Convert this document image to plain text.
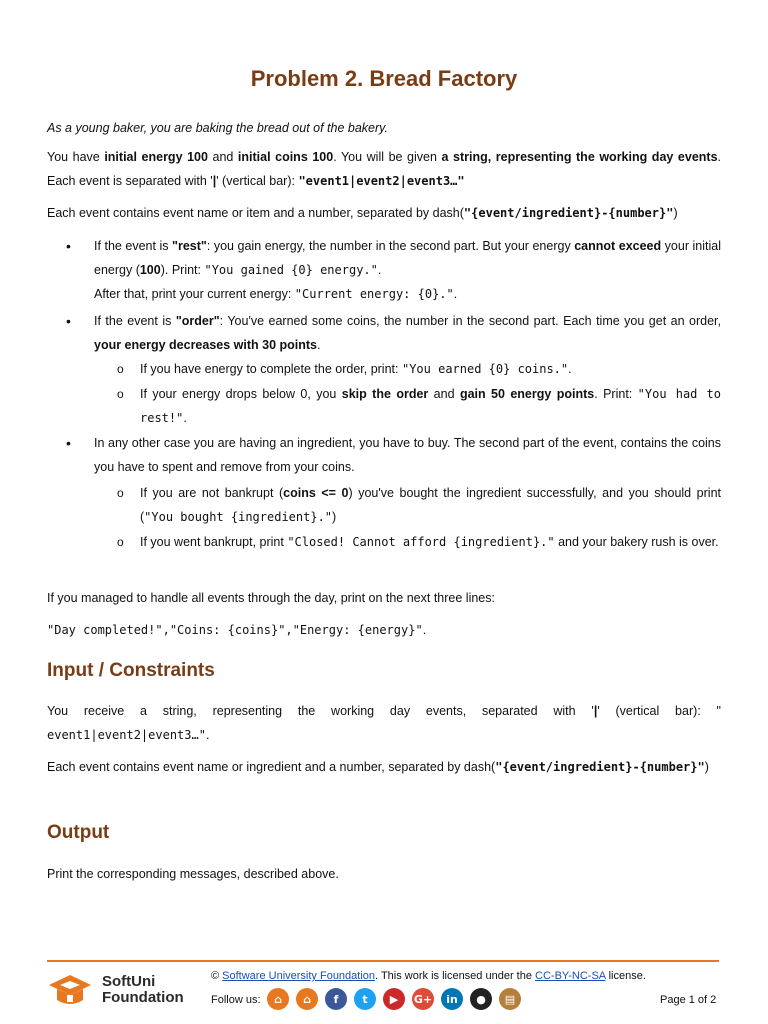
Problem 2. Bread Factory

As a young baker, you are baking the bread out of the bakery.

You have initial energy 100 and initial coins 100. You will be given a string, representing the working day events. Each event is separated with '|' (vertical bar): "event1|event2|event3…"

Each event contains event name or item and a number, separated by dash("{event/ingredient}-{number}")

• If the event is "rest": you gain energy, the number in the second part. But your energy cannot exceed your initial energy (100). Print: "You gained {0} energy.".
After that, print your current energy: "Current energy: {0}.".

• If the event is "order": You've earned some coins, the number in the second part. Each time you get an order, your energy decreases with 30 points.

o If you have energy to complete the order, print: "You earned {0} coins.".

o If your energy drops below 0, you skip the order and gain 50 energy points. Print: "You had to rest!".

• In any other case you are having an ingredient, you have to buy. The second part of the event, contains the coins you have to spent and remove from your coins.

o If you are not bankrupt (coins <= 0) you've bought the ingredient successfully, and you should print ("You bought {ingredient}.")

o If you went bankrupt, print "Closed! Cannot afford {ingredient}." and your bakery rush is over.

If you managed to handle all events through the day, print on the next three lines:

"Day completed!","Coins: {coins}","Energy: {energy}".

Input / Constraints

You receive a string, representing the working day events, separated with '|' (vertical bar): " event1|event2|event3…".

Each event contains event name or ingredient and a number, separated by dash("{event/ingredient}-{number}")

Output

Print the corresponding messages, described above.

SoftUni
Foundation
© Software University Foundation. This work is licensed under the CC-BY-NC-SA license.
Follow us:	⌂	⌂	f	t	▶	G+	in	●	▤	Page 1 of 2
